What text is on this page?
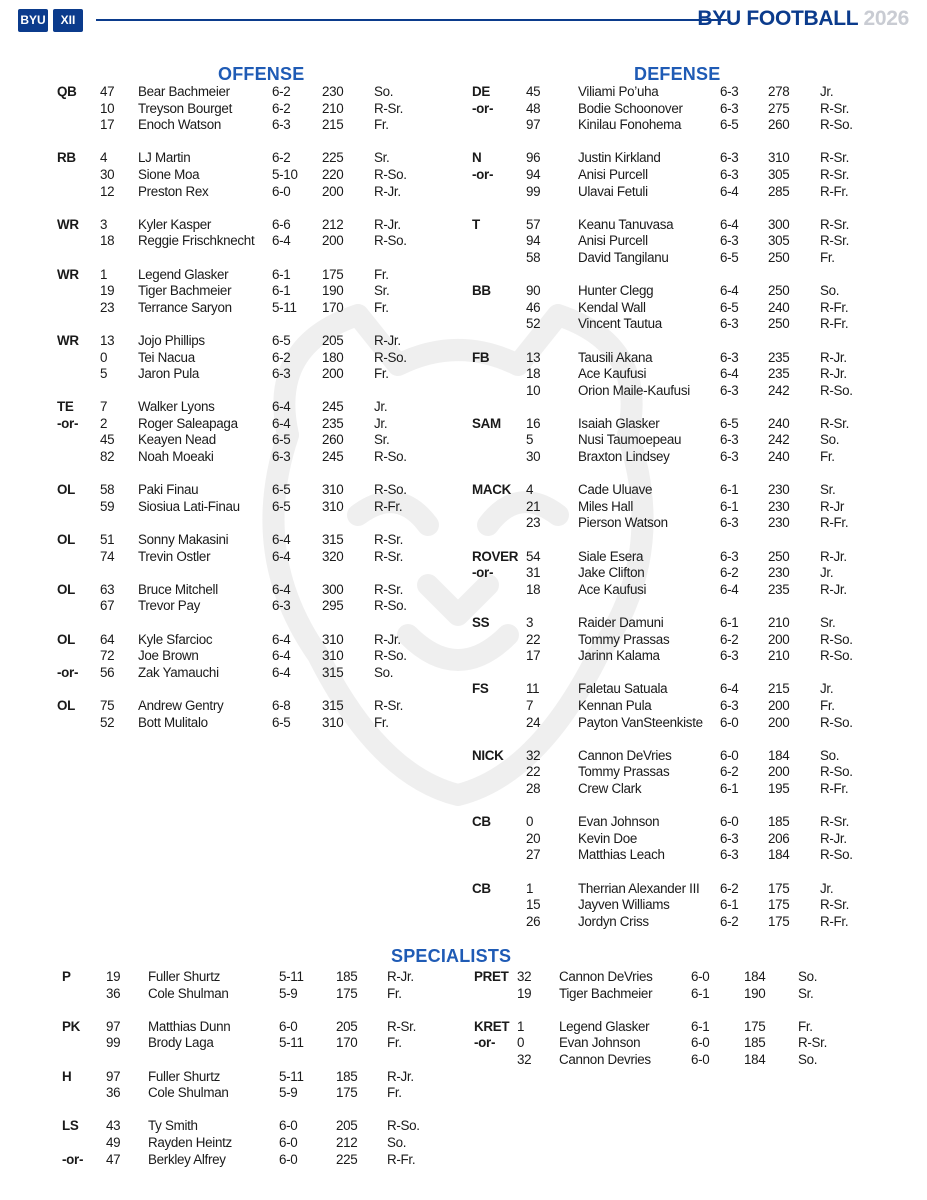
BYU	XII	BYU FOOTBALL 2026
OFFENSE	DEFENSE
SPECIALISTS
QB 47 Bear Bachmeier	6-2 230 So.
10 Treyson Bourget	6-2 210 R-Sr.
17 Enoch Watson	6-3 215 Fr.
RB 4 LJ Martin	6-2 225 Sr.
30 Sione Moa	5-10 220 R-So.
12 Preston Rex	6-0 200 R-Jr.
WR 3 Kyler Kasper	6-6 212 R-Jr.
18 Reggie Frischknecht 6-4 200 R-So.
WR 1 Legend Glasker	6-1 175 Fr.
19 Tiger Bachmeier	6-1 190 Sr.
23 Terrance Saryon	5-11 170 Fr.
WR 13 Jojo Phillips	6-5 205 R-Jr.
0 Tei Nacua	6-2 180 R-So.
5 Jaron Pula	6-3 200 Fr.
TE 7 Walker Lyons	6-4 245 Jr.
-or- 2 Roger Saleapaga	6-4 235 Jr.
45 Keayen Nead	6-5 260 Sr.
82 Noah Moeaki	6-3 245 R-So.
OL 58 Paki Finau	6-5 310 R-So.
59 Siosiua Lati-Finau 6-5 310 R-Fr.
OL 51 Sonny Makasini	6-4 315 R-Sr.
74 Trevin Ostler	6-4 320 R-Sr.
OL 63 Bruce Mitchell	6-4 300 R-Sr.
67 Trevor Pay	6-3 295 R-So.
OL 64 Kyle Sfarcioc	6-4 310 R-Jr.
72 Joe Brown	6-4 310 R-So.
-or- 56 Zak Yamauchi	6-4 315 So.
OL 75 Andrew Gentry	6-8 315 R-Sr.
52 Bott Mulitalo	6-5 310 Fr.
DE	45	Viliami Po’uha	6-3 278 Jr.
-or- 48	Bodie Schoonover	6-3 275 R-Sr.
97	Kinilau Fonohema	6-5 260 R-So.
N	96	Justin Kirkland	6-3 310 R-Sr.
-or- 94	Anisi Purcell	6-3 305 R-Sr.
99	Ulavai Fetuli	6-4 285 R-Fr.
T	57	Keanu Tanuvasa	6-4 300 R-Sr.
94	Anisi Purcell	6-3 305 R-Sr.
58	David Tangilanu	6-5 250 Fr.
BB	90	Hunter Clegg	6-4 250 So.
46	Kendal Wall	6-5 240 R-Fr.
52	Vincent Tautua	6-3 250 R-Fr.
FB	13	Tausili Akana	6-3 235 R-Jr.
18	Ace Kaufusi	6-4 235 R-Jr.
10	Orion Maile-Kaufusi 6-3 242 R-So.
SAM 16	Isaiah Glasker	6-5 240 R-Sr.
5	Nusi Taumoepeau	6-3 242 So.
30	Braxton Lindsey	6-3 240 Fr.
MACK 4	Cade Uluave	6-1 230 Sr.
21	Miles Hall	6-1 230 R-Jr
23	Pierson Watson	6-3 230 R-Fr.
ROVER 54	Siale Esera	6-3 250 R-Jr.
-or- 31	Jake Clifton	6-2 230 Jr.
18	Ace Kaufusi	6-4 235 R-Jr.
SS	3	Raider Damuni	6-1 210 Sr.
22	Tommy Prassas	6-2 200 R-So.
17	Jarinn Kalama	6-3 210 R-So.
FS	11	Faletau Satuala	6-4 215 Jr.
7	Kennan Pula	6-3 200 Fr.
24	Payton VanSteenkiste 6-0 200 R-So.
NICK 32	Cannon DeVries	6-0 184 So.
22	Tommy Prassas	6-2 200 R-So.
28	Crew Clark	6-1 195 R-Fr.
CB	0	Evan Johnson	6-0 185 R-Sr.
20	Kevin Doe	6-3 206 R-Jr.
27	Matthias Leach	6-3 184 R-So.
CB	1	Therrian Alexander III 6-2 175 Jr.
15	Jayven Williams	6-1 175 R-Sr.
26	Jordyn Criss	6-2 175 R-Fr.
P	19 Fuller Shurtz	5-11 185 R-Jr.
36 Cole Shulman	5-9	175 Fr.
PK 97 Matthias Dunn	6-0	205 R-Sr.
99 Brody Laga	5-11 170 Fr.
H	97 Fuller Shurtz	5-11 185 R-Jr.
36 Cole Shulman	5-9	175 Fr.
LS 43 Ty Smith	6-0	205 R-So.
49 Rayden Heintz	6-0	212 So.
-or- 47 Berkley Alfrey	6-0	225 R-Fr.
PRET 32 Cannon DeVries	6-0	184 So.
19 Tiger Bachmeier	6-1	190 Sr.
KRET 1	Legend Glasker	6-1	175 Fr.
-or- 0	Evan Johnson	6-0	185 R-Sr.
32 Cannon Devries	6-0	184 So.
